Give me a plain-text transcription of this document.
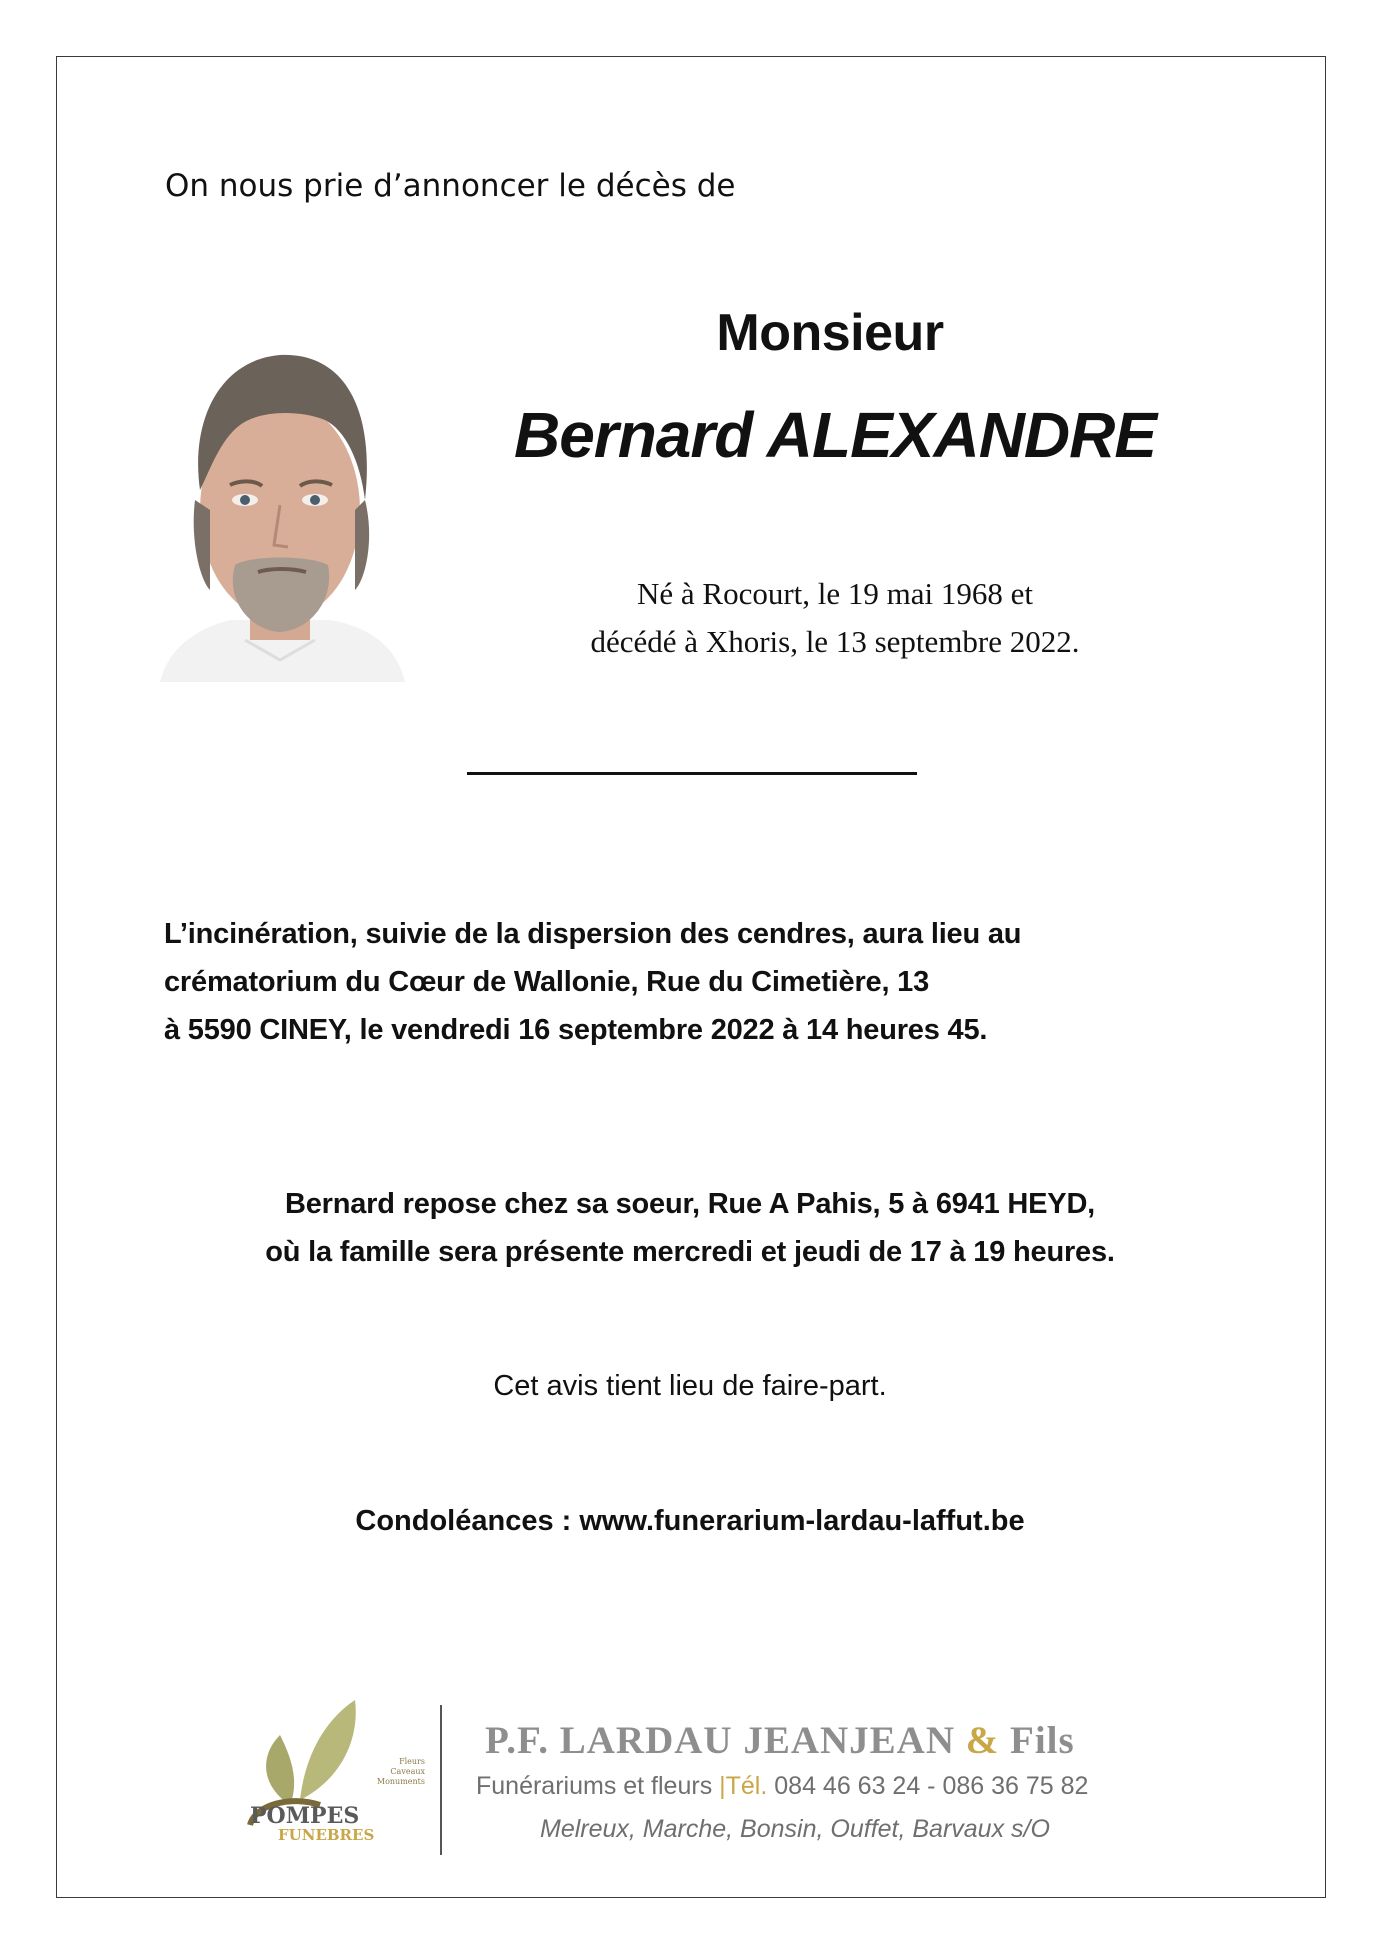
On nous prie d’annoncer le décès de
Monsieur
Bernard ALEXANDRE
Né à Rocourt, le 19 mai 1968 et
décédé à Xhoris, le 13 septembre 2022.
L’incinération, suivie de la dispersion des cendres, aura lieu au
crématorium du Cœur de Wallonie, Rue du Cimetière, 13
à 5590 CINEY, le vendredi 16 septembre 2022 à 14 heures 45.
Bernard repose chez sa soeur, Rue A Pahis, 5 à 6941 HEYD,
où la famille sera présente mercredi et jeudi de 17 à 19 heures.
Cet avis tient lieu de faire-part.
Condoléances : www.funerarium-lardau-laffut.be
POMPES
FUNEBRES
Fleurs
Caveaux
Monuments
P.F. LARDAU JEANJEAN & Fils
Funérariums et fleurs |Tél. 084 46 63 24 - 086 36 75 82
Melreux, Marche, Bonsin, Ouffet, Barvaux s/O
